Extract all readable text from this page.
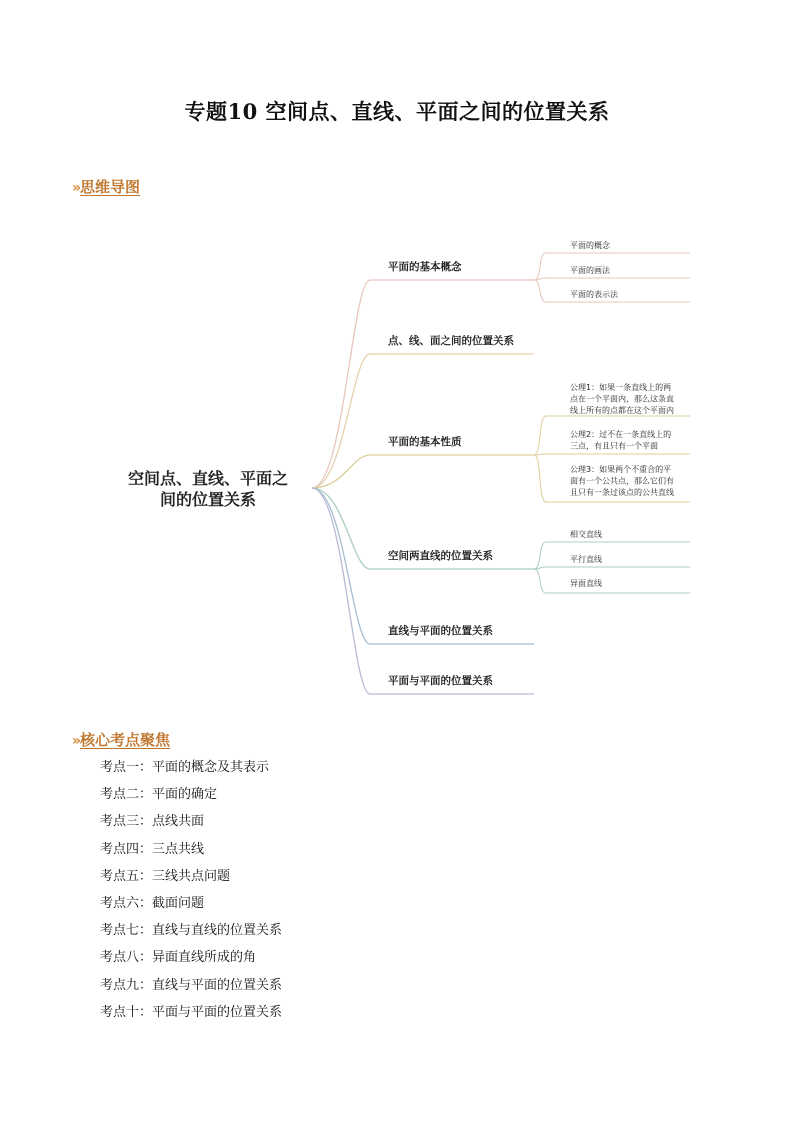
专题10 空间点、直线、平面之间的位置关系
» 思维导图
空间点、直线、平面之间的位置关系
平面的基本概念
平面的概念
平面的画法
平面的表示法
点、线、面之间的位置关系
平面的基本性质
公理1：如果一条直线上的两点在一个平面内，那么这条直线上所有的点都在这个平面内
公理2：过不在一条直线上的三点，有且只有一个平面
公理3：如果两个不重合的平面有一个公共点，那么它们有且只有一条过该点的公共直线
空间两直线的位置关系
相交直线
平行直线
异面直线
直线与平面的位置关系
平面与平面的位置关系
» 核心考点聚焦
考点一：平面的概念及其表示
考点二：平面的确定
考点三：点线共面
考点四：三点共线
考点五：三线共点问题
考点六：截面问题
考点七：直线与直线的位置关系
考点八：异面直线所成的角
考点九：直线与平面的位置关系
考点十：平面与平面的位置关系
